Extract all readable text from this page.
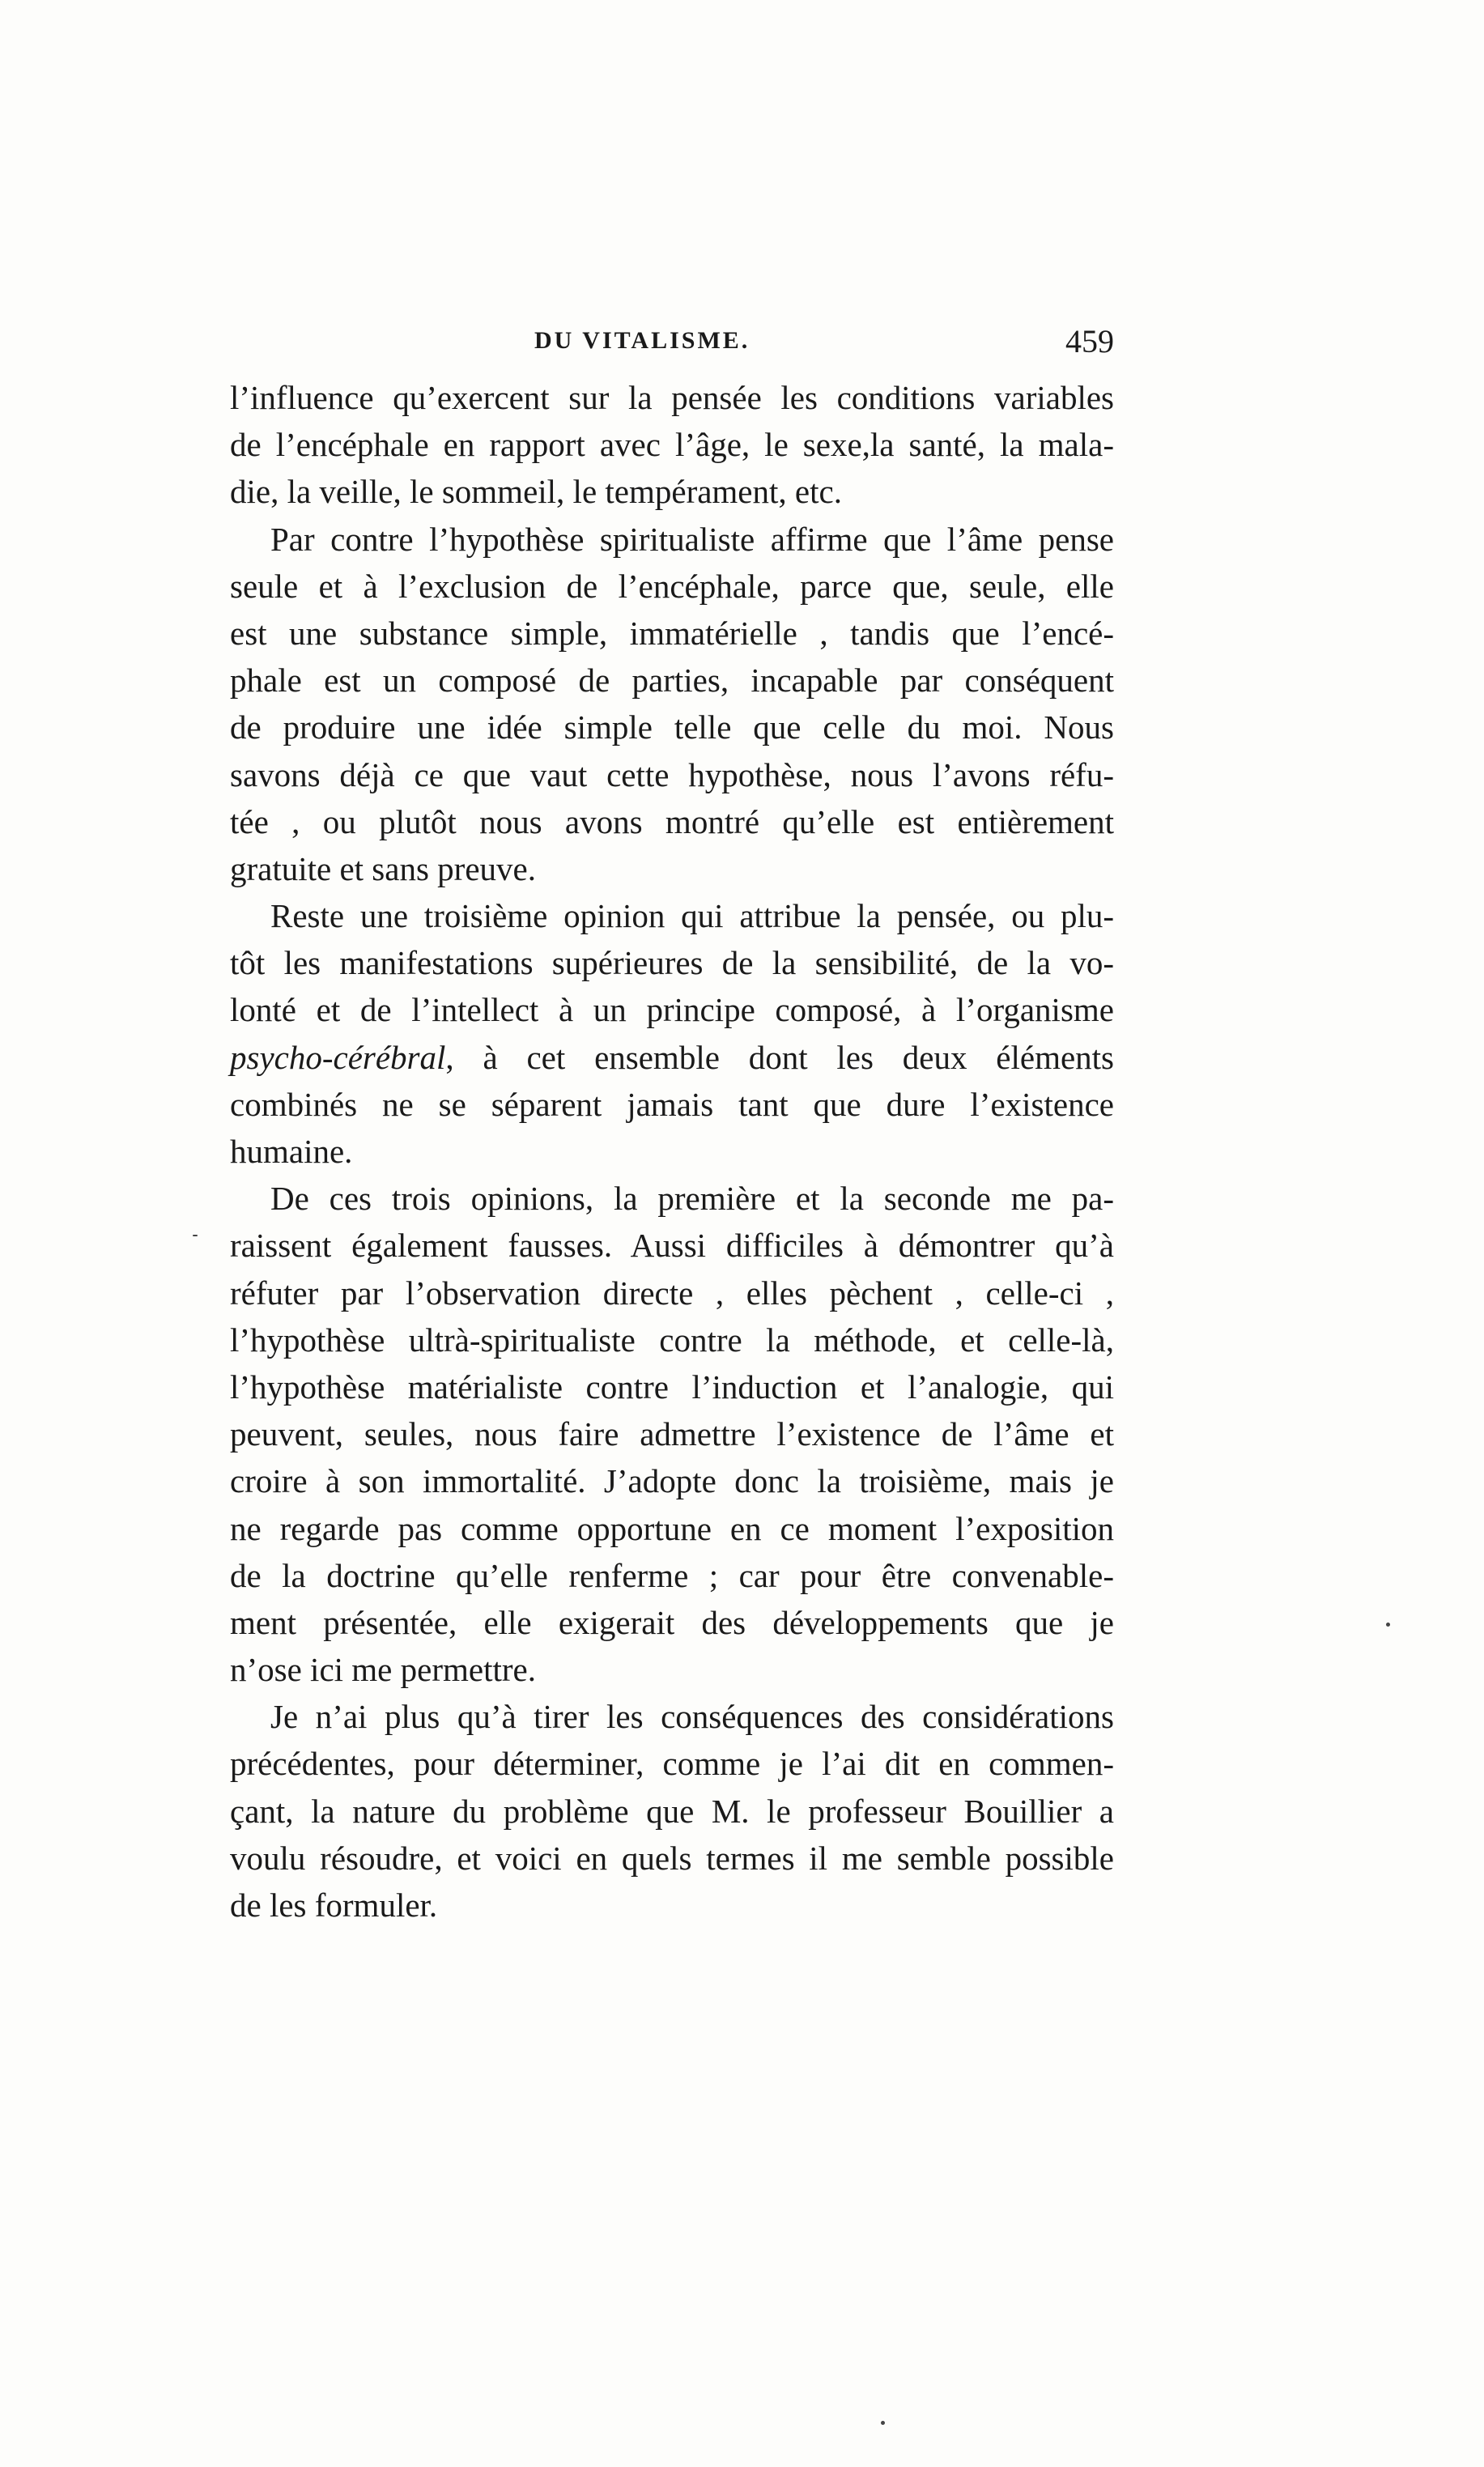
DU VITALISME.	459
l’influence qu’exercent sur la pensée les conditions variables
de l’encéphale en rapport avec l’âge, le sexe,la santé, la mala-
die, la veille, le sommeil, le tempérament, etc.
Par contre l’hypothèse spiritualiste affirme que l’âme pense
seule et à l’exclusion de l’encéphale, parce que, seule, elle
est une substance simple, immatérielle , tandis que l’encé-
phale est un composé de parties, incapable par conséquent
de produire une idée simple telle que celle du moi. Nous
savons déjà ce que vaut cette hypothèse, nous l’avons réfu-
tée , ou plutôt nous avons montré qu’elle est entièrement
gratuite et sans preuve.
Reste une troisième opinion qui attribue la pensée, ou plu-
tôt les manifestations supérieures de la sensibilité, de la vo-
lonté et de l’intellect à un principe composé, à l’organisme
psycho-cérébral, à cet ensemble dont les deux éléments
combinés ne se séparent jamais tant que dure l’existence
humaine.
De ces trois opinions, la première et la seconde me pa-
raissent également fausses. Aussi difficiles à démontrer qu’à
réfuter par l’observation directe , elles pèchent , celle-ci ,
l’hypothèse ultrà-spiritualiste contre la méthode, et celle-là,
l’hypothèse matérialiste contre l’induction et l’analogie, qui
peuvent, seules, nous faire admettre l’existence de l’âme et
croire à son immortalité. J’adopte donc la troisième, mais je
ne regarde pas comme opportune en ce moment l’exposition
de la doctrine qu’elle renferme ; car pour être convenable-
ment présentée, elle exigerait des développements que je
n’ose ici me permettre.
Je n’ai plus qu’à tirer les conséquences des considérations
précédentes, pour déterminer, comme je l’ai dit en commen-
çant, la nature du problème que M. le professeur Bouillier a
voulu résoudre, et voici en quels termes il me semble possible
de les formuler.
